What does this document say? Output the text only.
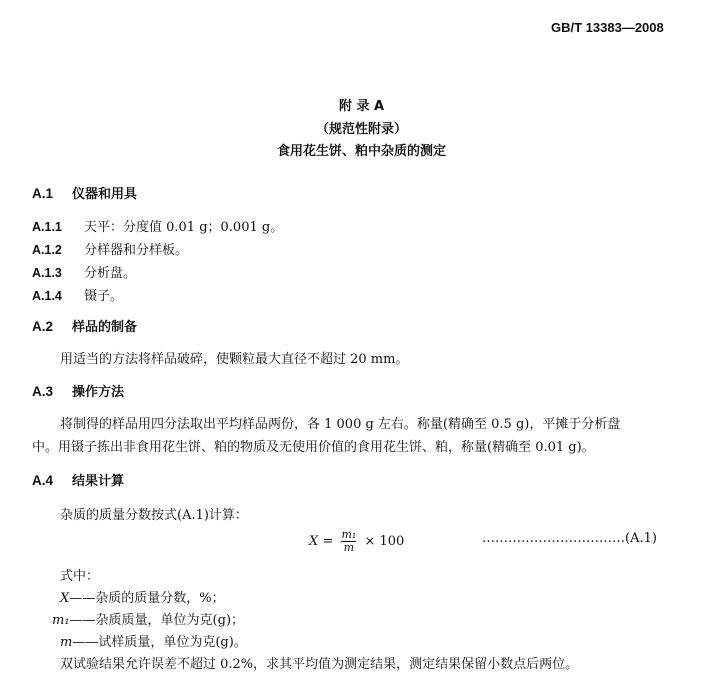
GB/T 13383—2008
附 录 A
（规范性附录）
食用花生饼、粕中杂质的测定
A.1 仪器和用具
A.1.1 天平：分度值 0.01 g；0.001 g。
A.1.2 分样器和分样板。
A.1.3 分析盘。
A.1.4 镊子。
A.2 样品的制备
用适当的方法将样品破碎，使颗粒最大直径不超过 20 mm。
A.3 操作方法
将制得的样品用四分法取出平均样品两份，各 1 000 g 左右。称量(精确至 0.5 g)，平摊于分析盘
中。用镊子拣出非食用花生饼、粕的物质及无使用价值的食用花生饼、粕，称量(精确至 0.01 g)。
A.4 结果计算
杂质的质量分数按式(A.1)计算：
$X = \frac{\text{m₁}}{m} \times 100$	……………………………(A.1)
式中：
X——杂质的质量分数，%；
m₁——杂质质量，单位为克(g)；
m——试样质量，单位为克(g)。
双试验结果允许误差不超过 0.2%，求其平均值为测定结果，测定结果保留小数点后两位。
